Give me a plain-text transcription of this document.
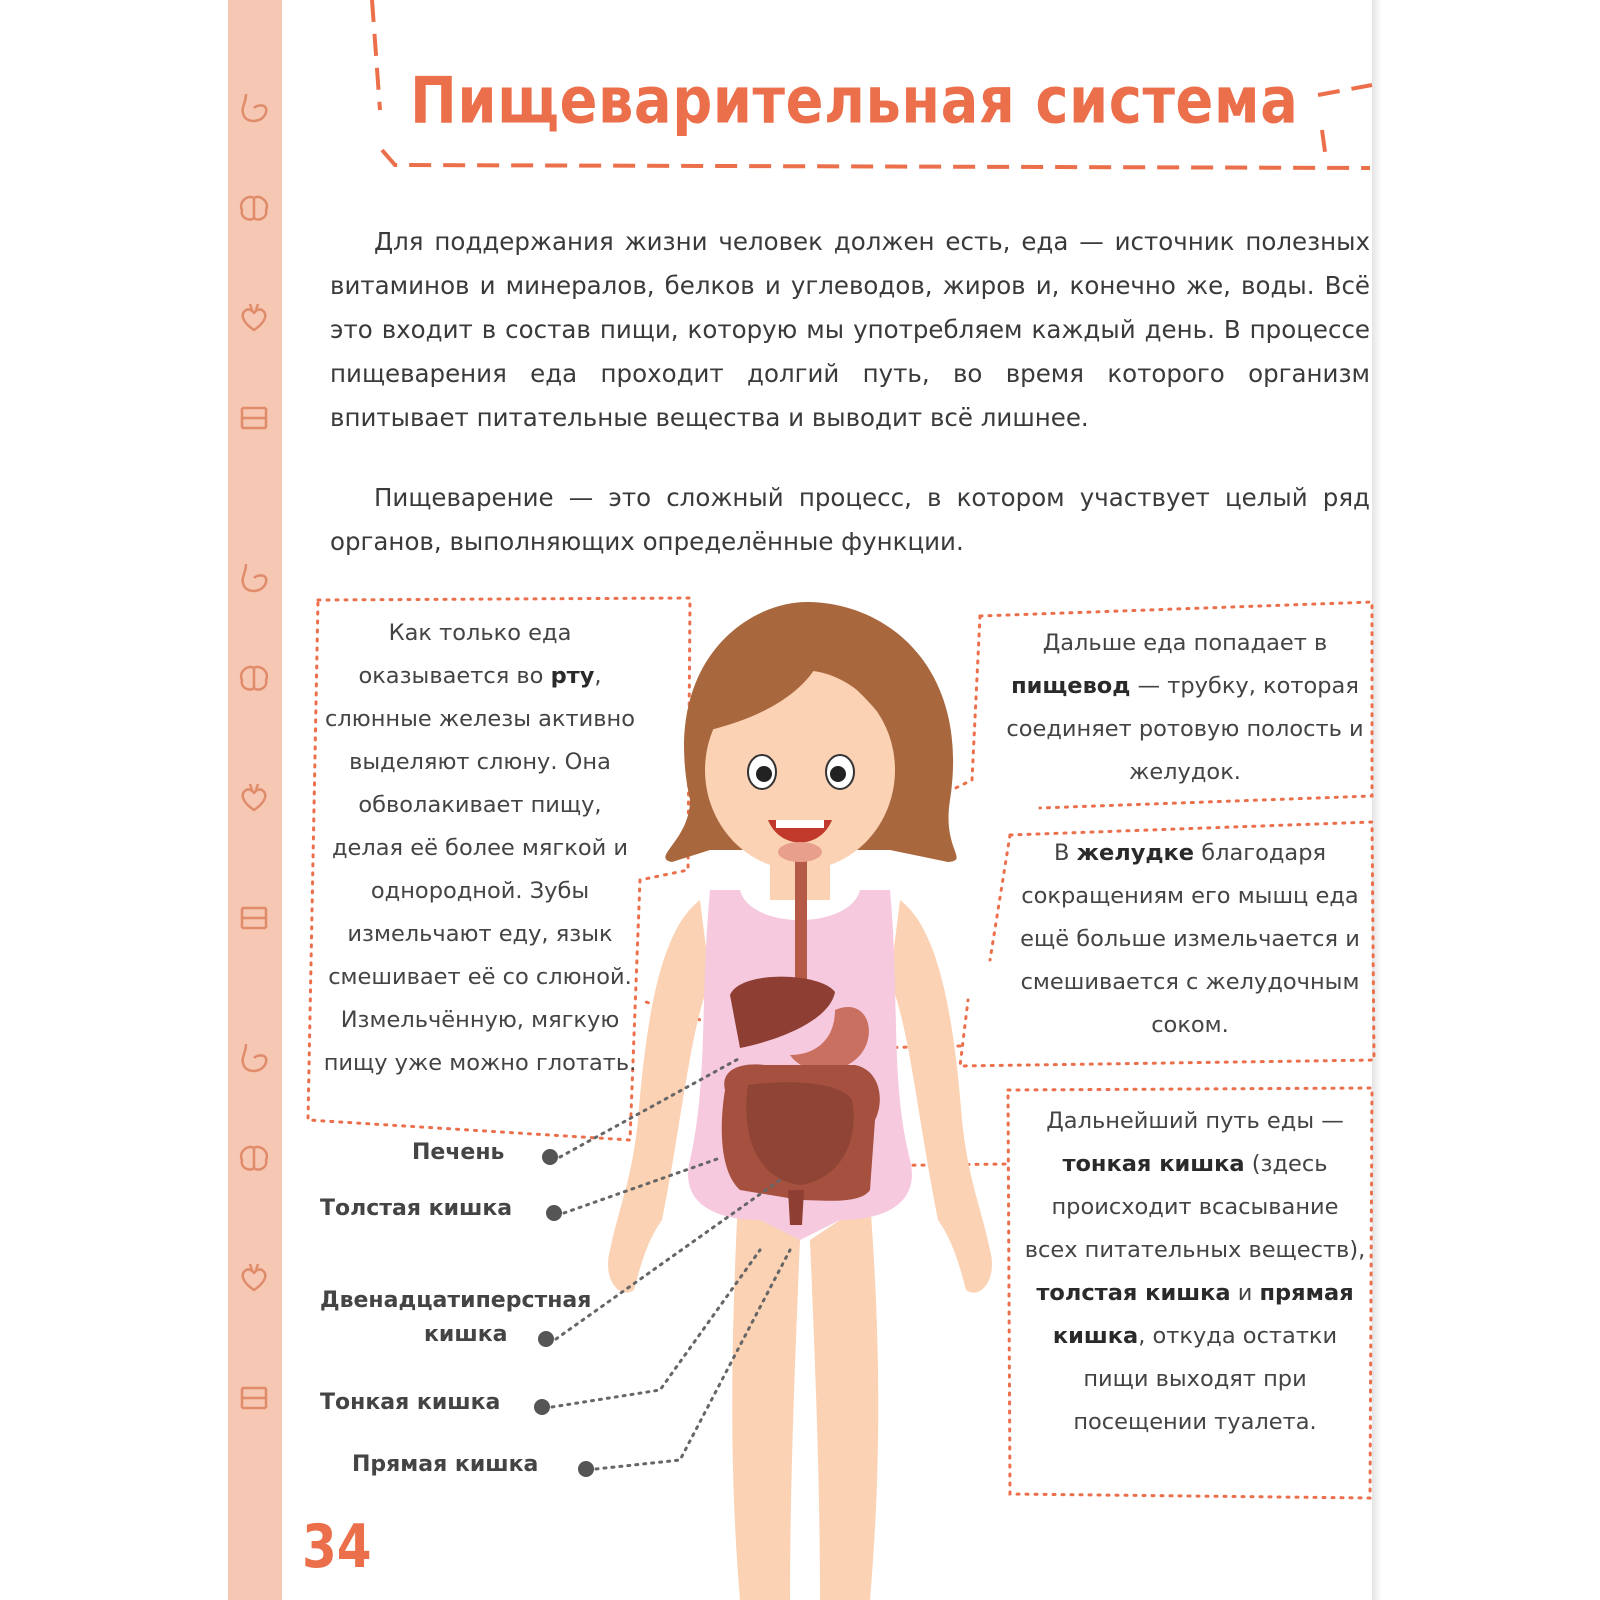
Пищеварительная система

Для поддержания жизни человек должен есть, еда — источник полезных витаминов и минералов, белков и углеводов, жиров и, конечно же, воды. Всё это входит в состав пищи, которую мы употребляем каждый день. В процессе пищеварения еда проходит долгий путь, во время которого организм впитывает питательные вещества и выводит всё лишнее.

Пищеварение — это сложный процесс, в котором участвует целый ряд органов, выполняющих определённые функции.

Как только еда оказывается во рту, слюнные железы активно выделяют слюну. Она обволакивает пищу, делая её более мягкой и однородной. Зубы измельчают еду, язык смешивает её со слюной. Измельчённую, мягкую пищу уже можно глотать.
Дальше еда попадает в пищевод — трубку, которая соединяет ротовую полость и желудок.
В желудке благодаря сокращениям его мышц еда ещё больше измельчается и смешивается с желудочным соком.
Дальнейший путь еды — тонкая кишка (здесь происходит всасывание всех питательных веществ), толстая кишка и прямая кишка, откуда остатки пищи выходят при посещении туалета.
Печень
Толстая кишка
Двенадцатиперстная
кишка
Тонкая кишка
Прямая кишка
34
